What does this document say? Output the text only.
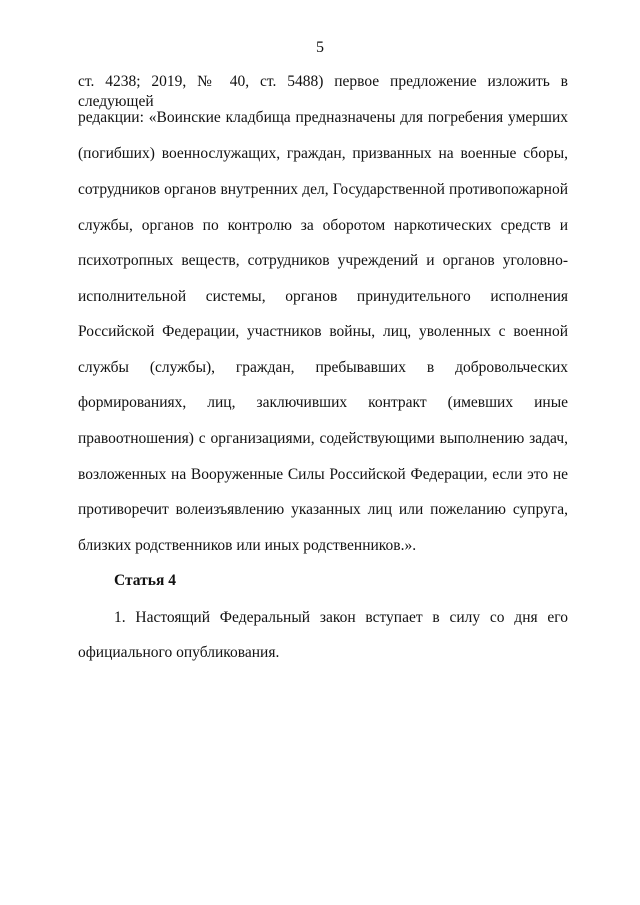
5
ст. 4238; 2019, № 40, ст. 5488) первое предложение изложить в следующей
редакции: «Воинские кладбища предназначены для погребения умерших
(погибших) военнослужащих, граждан, призванных на военные сборы,
сотрудников органов внутренних дел, Государственной противопожарной
службы, органов по контролю за оборотом наркотических средств и
психотропных веществ, сотрудников учреждений и органов уголовно-
исполнительной системы, органов принудительного исполнения
Российской Федерации, участников войны, лиц, уволенных с военной
службы (службы), граждан, пребывавших в добровольческих
формированиях, лиц, заключивших контракт (имевших иные
правоотношения) с организациями, содействующими выполнению задач,
возложенных на Вооруженные Силы Российской Федерации, если это не
противоречит волеизъявлению указанных лиц или пожеланию супруга,
близких родственников или иных родственников.».
Статья 4
1. Настоящий Федеральный закон вступает в силу со дня его
официального опубликования.
